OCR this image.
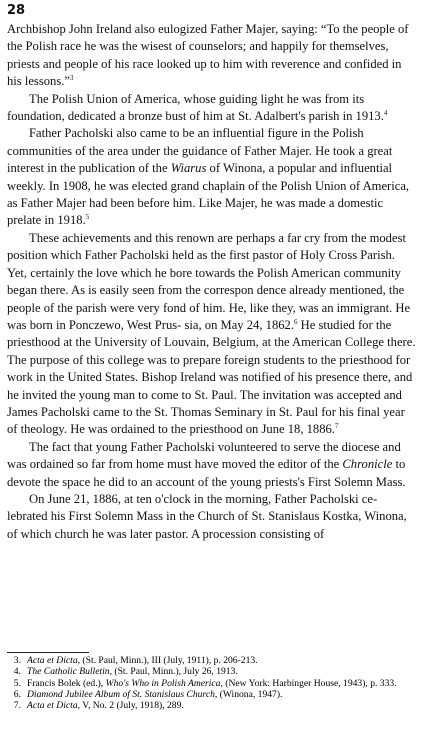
28

Archbishop John Ireland also eulogized Father Majer, saying: “To the people of the Polish race he was the wisest of counselors; and happily for themselves, priests and people of his race looked up to him with reverence and confided in his lessons.”$^3$

The Polish Union of America, whose guiding light he was from its foundation, dedicated a bronze bust of him at St. Adalbert's parish in 1913.$^4$

Father Pacholski also came to be an influential figure in the Polish communities of the area under the guidance of Father Majer. He took a great interest in the publication of the Wiarus of Winona, a popular and influential weekly. In 1908, he was elected grand chaplain of the Polish Union of America, as Father Majer had been before him. Like Majer, he was made a domestic prelate in 1918.$^5$

These achievements and this renown are perhaps a far cry from the modest position which Father Pacholski held as the first pastor of Holy Cross Parish. Yet, certainly the love which he bore towards the Polish American community began there. As is easily seen from the correspon dence already mentioned, the people of the parish were very fond of him. He, like they, was an immigrant. He was born in Ponczewo, West Prus- sia, on May 24, 1862.$^6$ He studied for the priesthood at the University of Louvain, Belgium, at the American College there. The purpose of this college was to prepare foreign students to the priesthood for work in the United States. Bishop Ireland was notified of his presence there, and he invited the young man to come to St. Paul. The invitation was accepted and James Pacholski came to the St. Thomas Seminary in St. Paul for his final year of theology. He was ordained to the priesthood on June 18, 1886.$^7$

The fact that young Father Pacholski volunteered to serve the diocese and was ordained so far from home must have moved the editor of the Chronicle to devote the space he did to an account of the young priests's First Solemn Mass.

On June 21, 1886, at ten o'clock in the morning, Father Pacholski ce- lebrated his First Solemn Mass in the Church of St. Stanislaus Kostka, Winona, of which church he was later pastor. A procession consisting of

3. Acta et Dicta, (St. Paul, Minn.), III (July, 1911), p. 206-213.
4. The Catholic Bulletin, (St. Paul, Minn.), July 26, 1913.
5. Francis Bolek (ed.), Who's Who in Polish America, (New York: Harbinger House, 1943), p. 333.
6. Diamond Jubilee Album of St. Stanislaus Church, (Winona, 1947).
7. Acta et Dicta, V, No. 2 (July, 1918), 289.
